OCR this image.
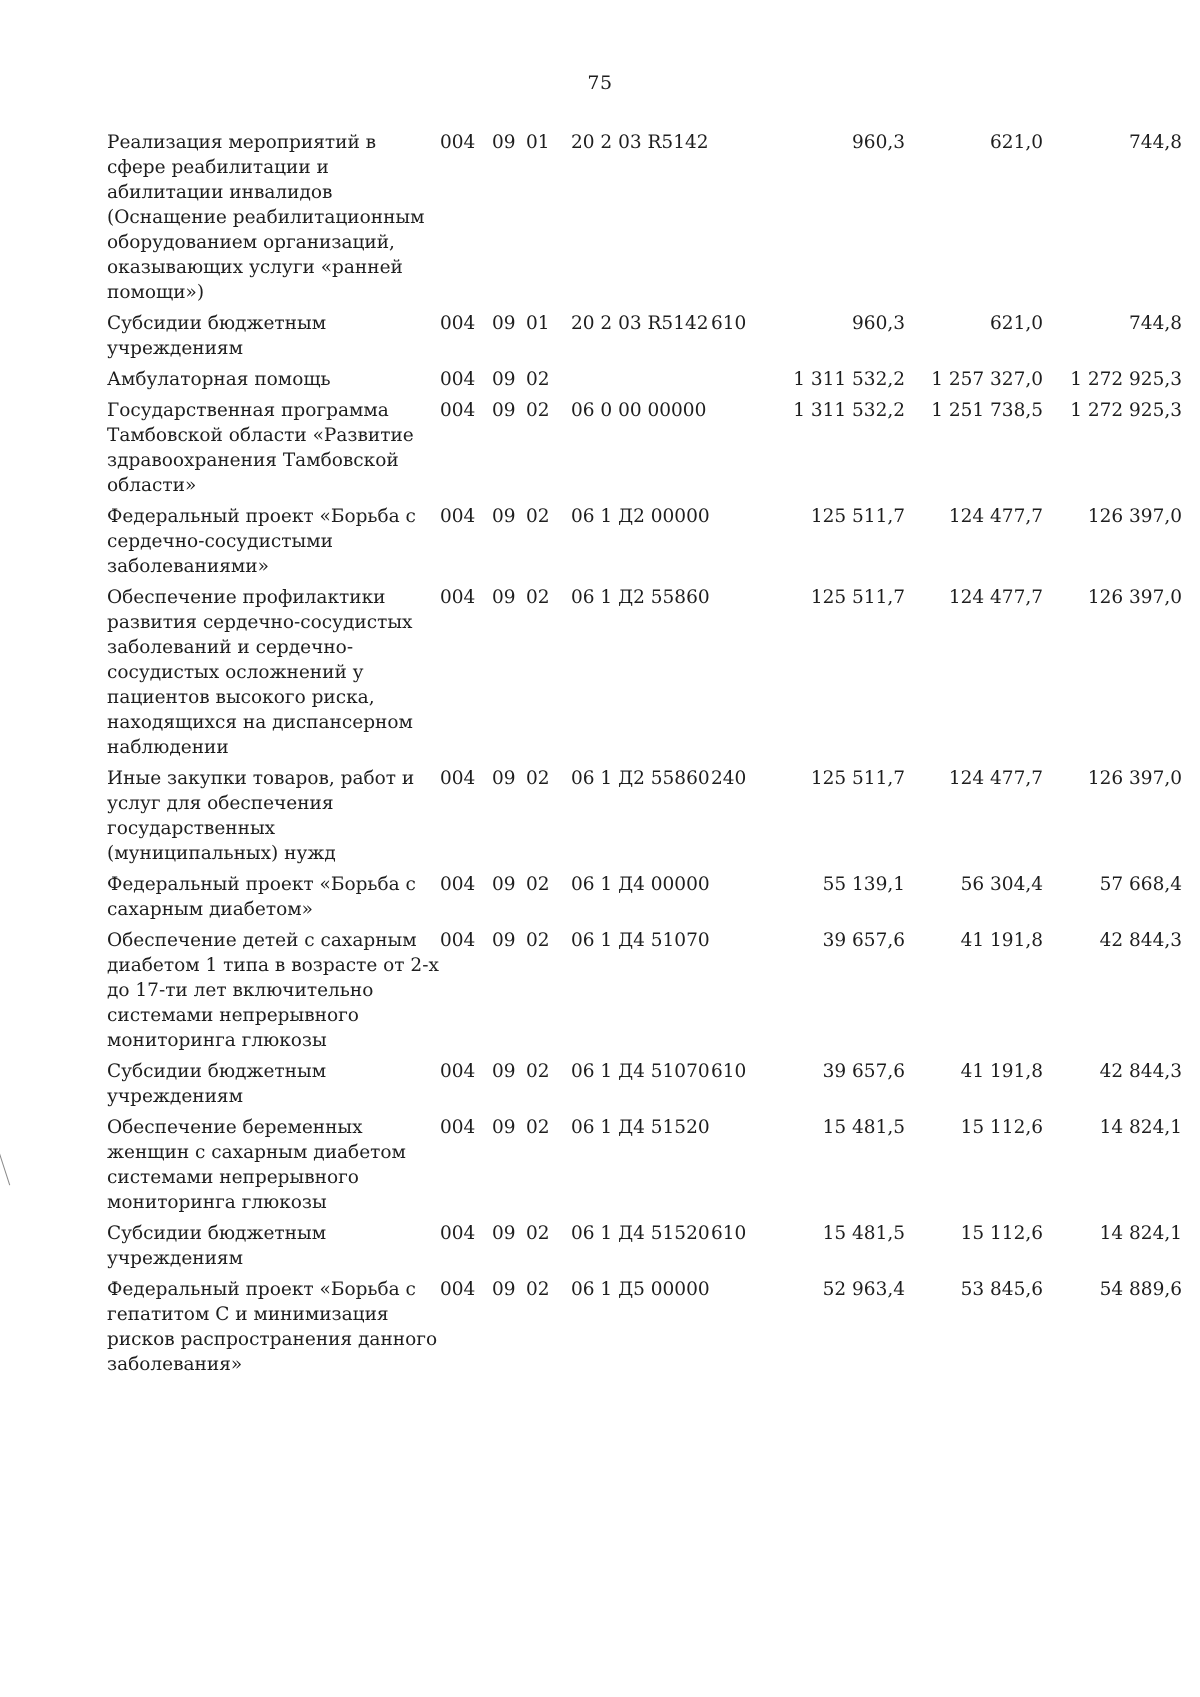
75
Реализация мероприятий в сфере реабилитации и абилитации инвалидов (Оснащение реабилитационным оборудованием организаций, оказывающих услуги «ранней помощи»)	004	09	01	20 2 03 R5142		960,3	621,0	744,8
Субсидии бюджетным учреждениям	004	09	01	20 2 03 R5142	610	960,3	621,0	744,8
Амбулаторная помощь	004	09	02			1 311 532,2	1 257 327,0	1 272 925,3
Государственная программа Тамбовской области «Развитие здравоохранения Тамбовской области»	004	09	02	06 0 00 00000		1 311 532,2	1 251 738,5	1 272 925,3
Федеральный проект «Борьба с сердечно-сосудистыми заболеваниями»	004	09	02	06 1 Д2 00000		125 511,7	124 477,7	126 397,0
Обеспечение профилактики развития сердечно-сосудистых заболеваний и сердечно-сосудистых осложнений у пациентов высокого риска, находящихся на диспансерном наблюдении	004	09	02	06 1 Д2 55860		125 511,7	124 477,7	126 397,0
Иные закупки товаров, работ и услуг для обеспечения государственных (муниципальных) нужд	004	09	02	06 1 Д2 55860	240	125 511,7	124 477,7	126 397,0
Федеральный проект «Борьба с сахарным диабетом»	004	09	02	06 1 Д4 00000		55 139,1	56 304,4	57 668,4
Обеспечение детей с сахарным диабетом 1 типа в возрасте от 2-х до 17-ти лет включительно системами непрерывного мониторинга глюкозы	004	09	02	06 1 Д4 51070		39 657,6	41 191,8	42 844,3
Субсидии бюджетным учреждениям	004	09	02	06 1 Д4 51070	610	39 657,6	41 191,8	42 844,3
Обеспечение беременных женщин с сахарным диабетом системами непрерывного мониторинга глюкозы	004	09	02	06 1 Д4 51520		15 481,5	15 112,6	14 824,1
Субсидии бюджетным учреждениям	004	09	02	06 1 Д4 51520	610	15 481,5	15 112,6	14 824,1
Федеральный проект «Борьба с гепатитом С и минимизация рисков распространения данного заболевания»	004	09	02	06 1 Д5 00000		52 963,4	53 845,6	54 889,6
